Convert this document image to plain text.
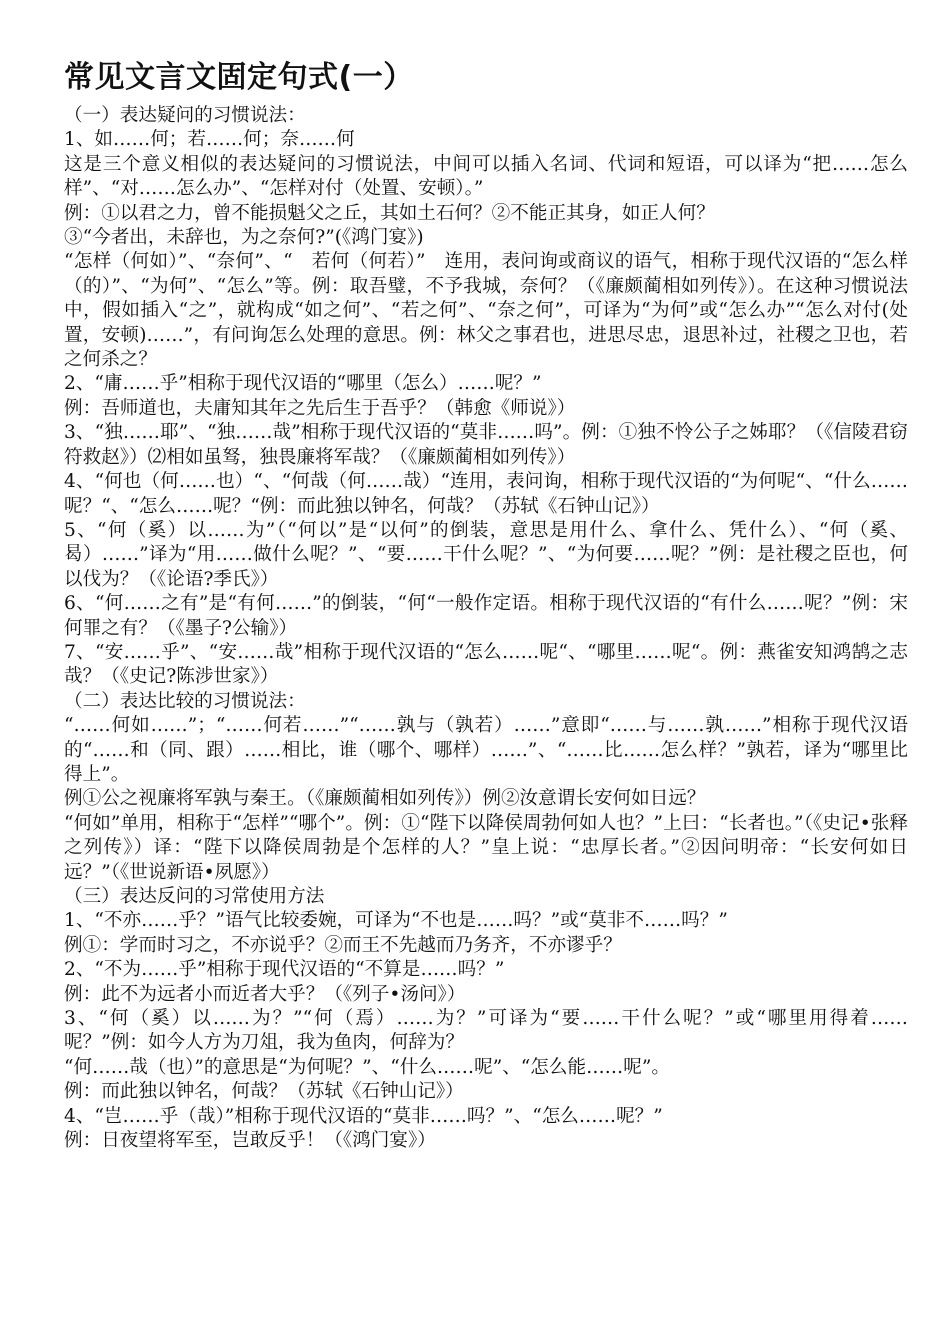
常见文言文固定句式(一）

（一）表达疑问的习惯说法：

1、如……何；若……何；奈……何

这是三个意义相似的表达疑问的习惯说法，中间可以插入名词、代词和短语，可以译为“把……怎么样”、“对……怎么办”、“怎样对付（处置、安顿）。”

例：①以君之力，曾不能损魁父之丘，其如土石何？②不能正其身，如正人何？

③“今者出，未辞也，为之奈何?”(《鸿门宴》)

“怎样（何如）”、“奈何”、“　若何（何若）”　连用，表问询或商议的语气，相称于现代汉语的“怎么样（的）”、“为何”、“怎么”等。例：取吾璧，不予我城，奈何？（《廉颇蔺相如列传》）。在这种习惯说法中，假如插入“之”，就构成“如之何”、“若之何”、“奈之何”，可译为“为何”或“怎么办”“怎么对付(处置，安顿)……”，有问询怎么处理的意思。例：林父之事君也，进思尽忠，退思补过，社稷之卫也，若之何杀之？

2、“庸……乎”相称于现代汉语的“哪里（怎么）……呢？”

例：吾师道也，夫庸知其年之先后生于吾乎？（韩愈《师说》）

3、“独……耶”、“独……哉”相称于现代汉语的“莫非……吗”。例：①独不怜公子之姊耶？（《信陵君窃符救赵》）⑵相如虽驽，独畏廉将军哉？（《廉颇蔺相如列传》）

4、“何也（何……也）“、“何哉（何……哉）“连用，表问询，相称于现代汉语的“为何呢“、“什么……呢？“、“怎么……呢？“例：而此独以钟名，何哉？（苏轼《石钟山记》）

5、“何（奚）以……为”（“何以”是“以何”的倒装，意思是用什么、拿什么、凭什么）、“何（奚、曷）……”译为“用……做什么呢？”、“要……干什么呢？”、“为何要……呢？”例：是社稷之臣也，何以伐为？（《论语?季氏》）

6、“何……之有”是“有何……”的倒装，“何“一般作定语。相称于现代汉语的“有什么……呢？”例：宋何罪之有？（《墨子?公输》）

7、“安……乎”、“安……哉”相称于现代汉语的“怎么……呢“、“哪里……呢“。例：燕雀安知鸿鹄之志哉？（《史记?陈涉世家》）

（二）表达比较的习惯说法：

“……何如……”；“……何若……”“……孰与（孰若）……”意即“……与……孰……”相称于现代汉语的“……和（同、跟）……相比，谁（哪个、哪样）……”、“……比……怎么样？”孰若，译为“哪里比得上”。

例①公之视廉将军孰与秦王。（《廉颇蔺相如列传》）例②汝意谓长安何如日远？

“何如”单用，相称于“怎样”“哪个”。例：①“陛下以降侯周勃何如人也？”上曰：“长者也。”（《史记•张释之列传》）译：“陛下以降侯周勃是个怎样的人？”皇上说：“忠厚长者。”②因问明帝：“长安何如日远？”（《世说新语•夙愿》）

（三）表达反问的习常使用方法

1、“不亦……乎？”语气比较委婉，可译为“不也是……吗？”或“莫非不……吗？”

例①：学而时习之，不亦说乎？②而王不先越而乃务齐，不亦谬乎？

2、“不为……乎”相称于现代汉语的“不算是……吗？”

例：此不为远者小而近者大乎？（《列子•汤问》）

3、“何（奚）以……为？”“何（焉）……为？”可译为“要……干什么呢？”或“哪里用得着……呢？”例：如今人方为刀俎，我为鱼肉，何辞为？

“何……哉（也）”的意思是“为何呢？”、“什么……呢”、“怎么能……呢”。

例：而此独以钟名，何哉？（苏轼《石钟山记》）

4、“岂……乎（哉）”相称于现代汉语的“莫非……吗？”、“怎么……呢？”

例：日夜望将军至，岂敢反乎！（《鸿门宴》）
